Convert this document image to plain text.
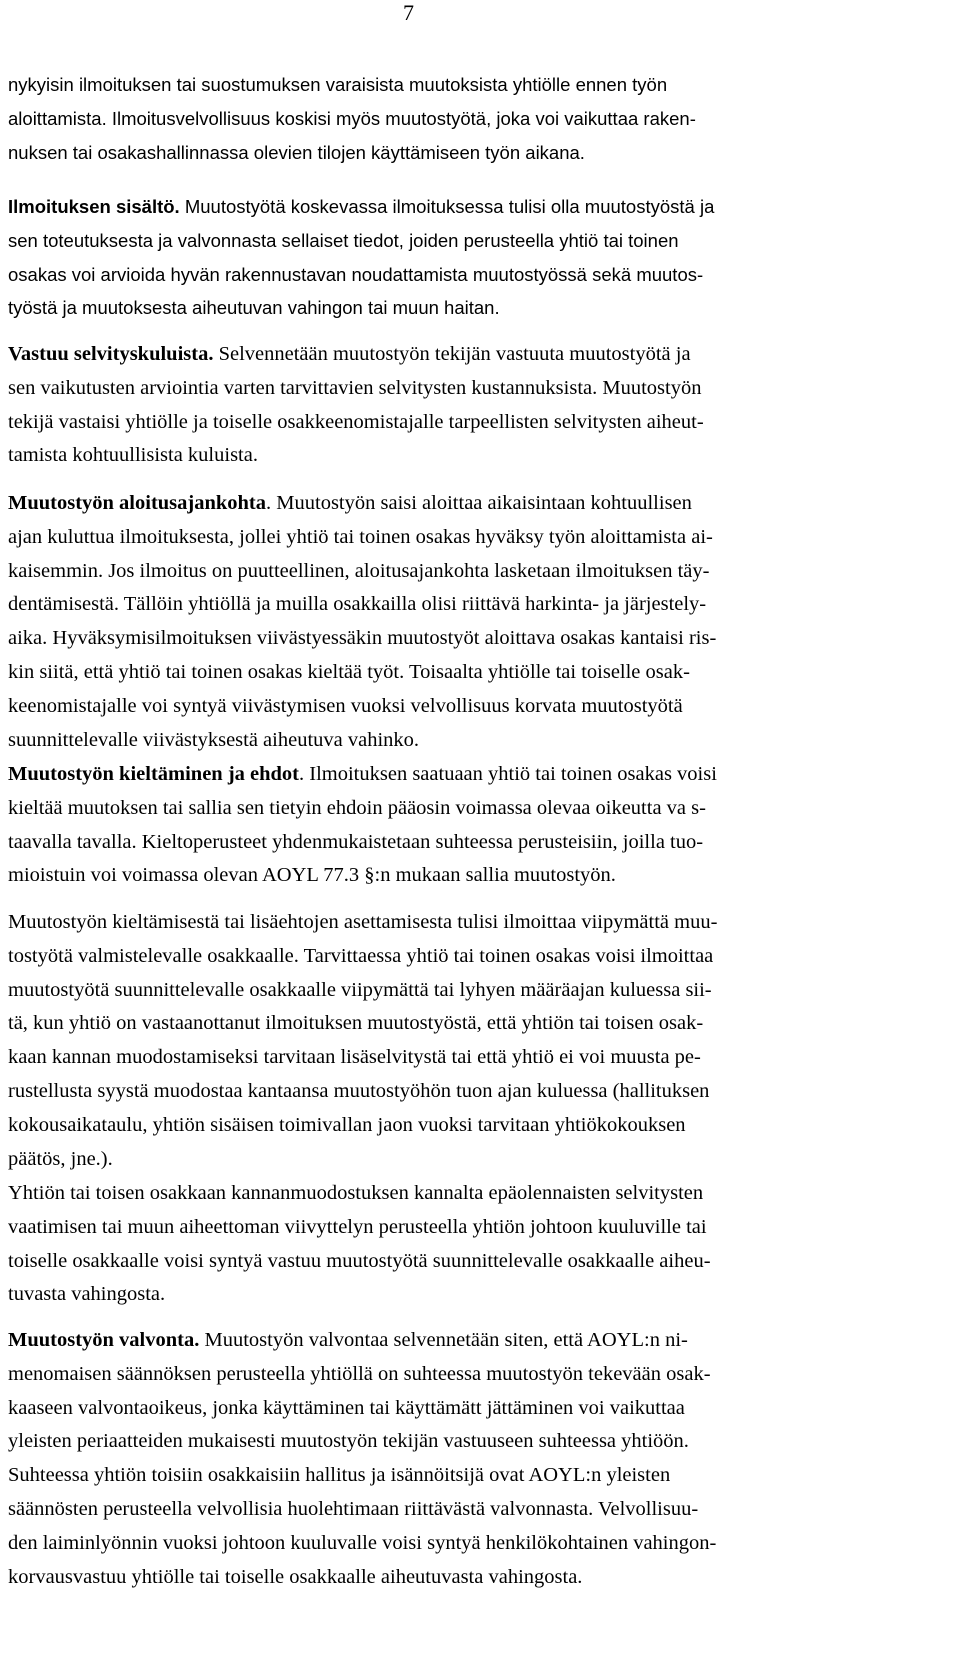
7
nykyisin ilmoituksen tai suostumuksen varaisista muutoksista yhtiölle ennen työn
aloittamista. Ilmoitusvelvollisuus koskisi myös muutostyötä, joka voi vaikuttaa raken-
nuksen tai osakashallinnassa olevien tilojen käyttämiseen työn aikana.
Ilmoituksen sisältö. Muutostyötä koskevassa ilmoituksessa tulisi olla muutostyöstä ja
sen toteutuksesta ja valvonnasta sellaiset tiedot, joiden perusteella yhtiö tai toinen
osakas voi arvioida hyvän rakennustavan noudattamista muutostyössä sekä muutos-
työstä ja muutoksesta aiheutuvan vahingon tai muun haitan.
Vastuu selvityskuluista. Selvennetään muutostyön tekijän vastuuta muutostyötä ja
sen vaikutusten arviointia varten tarvittavien selvitysten kustannuksista. Muutostyön
tekijä vastaisi yhtiölle ja toiselle osakkeenomistajalle tarpeellisten selvitysten aiheut-
tamista kohtuullisista kuluista.
Muutostyön aloitusajankohta. Muutostyön saisi aloittaa aikaisintaan kohtuullisen
ajan kuluttua ilmoituksesta, jollei yhtiö tai toinen osakas hyväksy työn aloittamista ai-
kaisemmin. Jos ilmoitus on puutteellinen, aloitusajankohta lasketaan ilmoituksen täy-
dentämisestä. Tällöin yhtiöllä ja muilla osakkailla olisi riittävä harkinta- ja järjestely-
aika. Hyväksymisilmoituksen viivästyessäkin muutostyöt aloittava osakas kantaisi ris-
kin siitä, että yhtiö tai toinen osakas kieltää työt. Toisaalta yhtiölle tai toiselle osak-
keenomistajalle voi syntyä viivästymisen vuoksi velvollisuus korvata muutostyötä
suunnittelevalle viivästyksestä aiheutuva vahinko.
Muutostyön kieltäminen ja ehdot. Ilmoituksen saatuaan yhtiö tai toinen osakas voisi
kieltää muutoksen tai sallia sen tietyin ehdoin pääosin voimassa olevaa oikeutta va s-
taavalla tavalla. Kieltoperusteet yhdenmukaistetaan suhteessa perusteisiin, joilla tuo-
mioistuin voi voimassa olevan AOYL 77.3 §:n mukaan sallia muutostyön.
Muutostyön kieltämisestä tai lisäehtojen asettamisesta tulisi ilmoittaa viipymättä muu-
tostyötä valmistelevalle osakkaalle. Tarvittaessa yhtiö tai toinen osakas voisi ilmoittaa
muutostyötä suunnittelevalle osakkaalle viipymättä tai lyhyen määräajan kuluessa sii-
tä, kun yhtiö on vastaanottanut ilmoituksen muutostyöstä, että yhtiön tai toisen osak-
kaan kannan muodostamiseksi tarvitaan lisäselvitystä tai että yhtiö ei voi muusta pe-
rustellusta syystä muodostaa kantaansa muutostyöhön tuon ajan kuluessa (hallituksen
kokousaikataulu, yhtiön sisäisen toimivallan jaon vuoksi tarvitaan yhtiökokouksen
päätös, jne.).
Yhtiön tai toisen osakkaan kannanmuodostuksen kannalta epäolennaisten selvitysten
vaatimisen tai muun aiheettoman viivyttelyn perusteella yhtiön johtoon kuuluville tai
toiselle osakkaalle voisi syntyä vastuu muutostyötä suunnittelevalle osakkaalle aiheu-
tuvasta vahingosta.
Muutostyön valvonta. Muutostyön valvontaa selvennetään siten, että AOYL:n ni-
menomaisen säännöksen perusteella yhtiöllä on suhteessa muutostyön tekevään osak-
kaaseen valvontaoikeus, jonka käyttäminen tai käyttämätt jättäminen voi vaikuttaa
yleisten periaatteiden mukaisesti muutostyön tekijän vastuuseen suhteessa yhtiöön.
Suhteessa yhtiön toisiin osakkaisiin hallitus ja isännöitsijä ovat AOYL:n yleisten
säännösten perusteella velvollisia huolehtimaan riittävästä valvonnasta. Velvollisuu-
den laiminlyönnin vuoksi johtoon kuuluvalle voisi syntyä henkilökohtainen vahingon-
korvausvastuu yhtiölle tai toiselle osakkaalle aiheutuvasta vahingosta.
